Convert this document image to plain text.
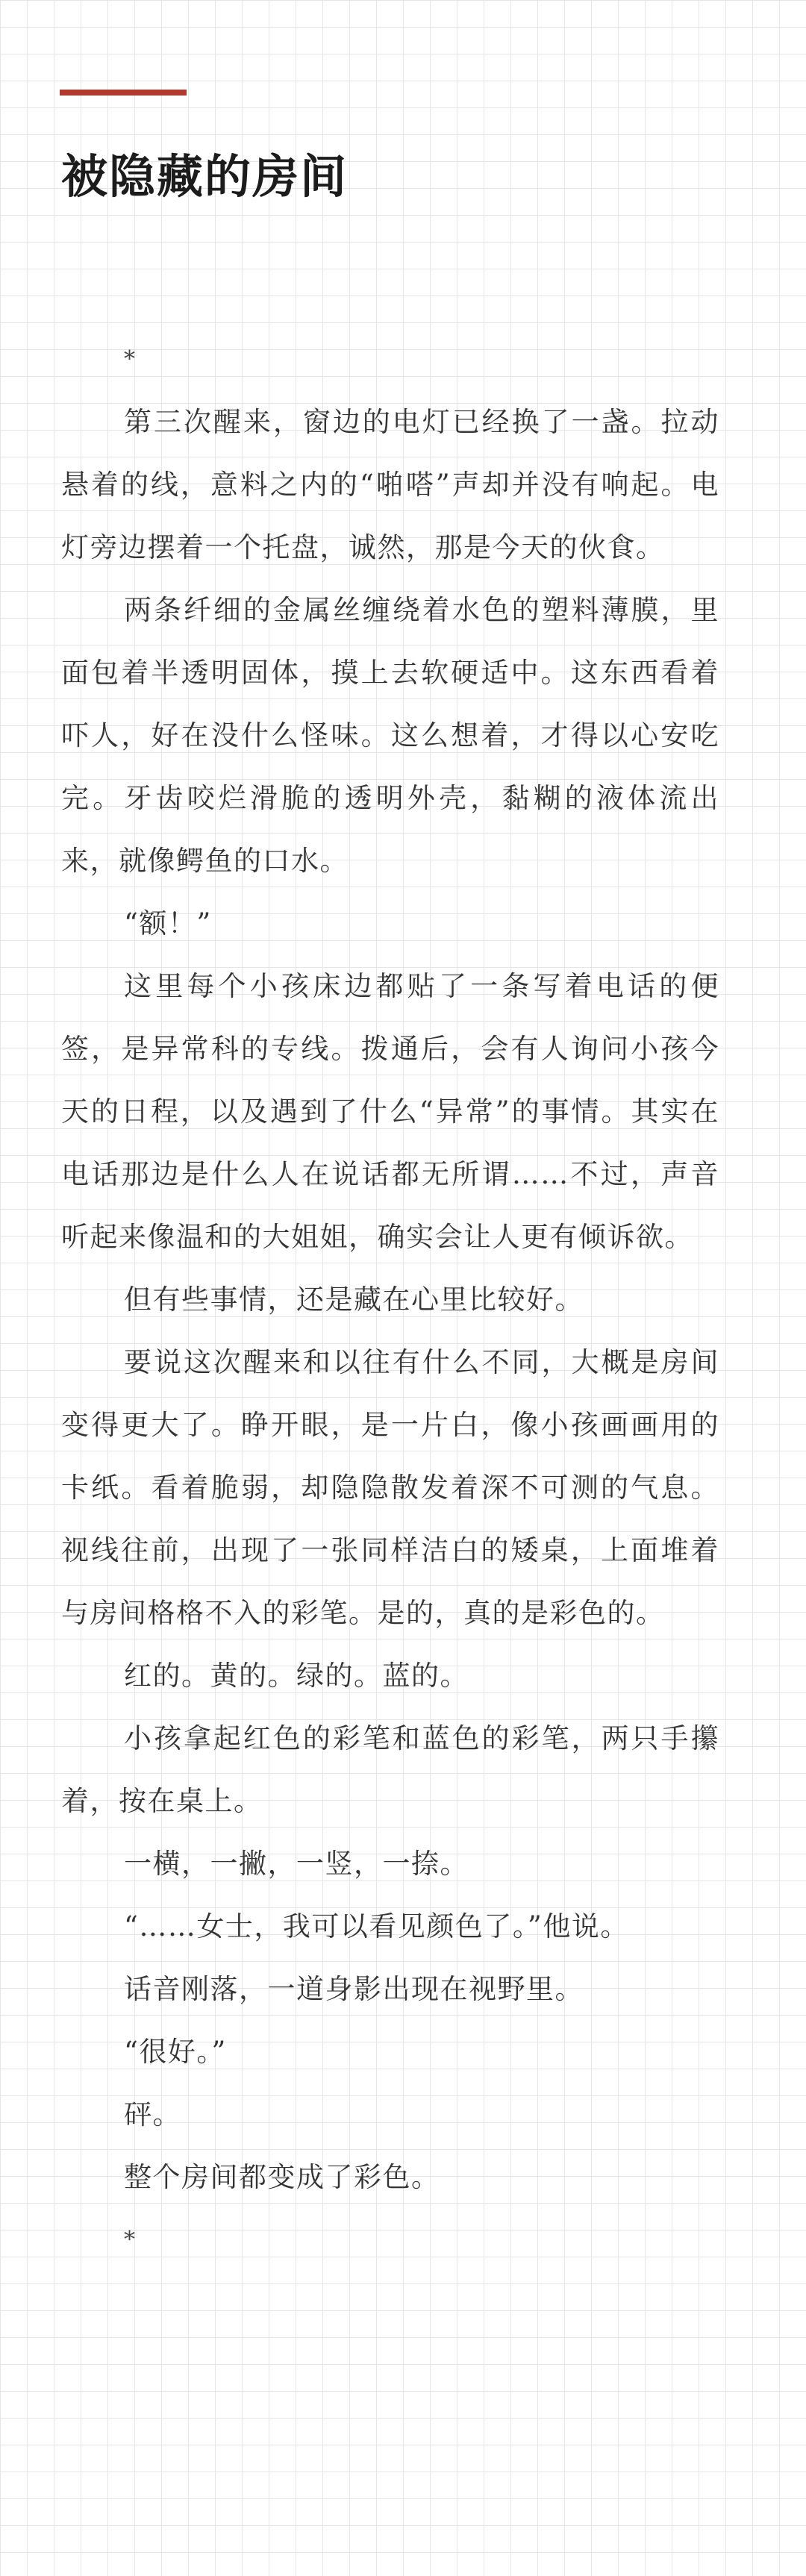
被隐藏的房间

*

第三次醒来，窗边的电灯已经换了一盏。拉动悬着的线，意料之内的“啪嗒”声却并没有响起。电灯旁边摆着一个托盘，诚然，那是今天的伙食。

两条纤细的金属丝缠绕着水色的塑料薄膜，里面包着半透明固体，摸上去软硬适中。这东西看着吓人，好在没什么怪味。这么想着，才得以心安吃完。牙齿咬烂滑脆的透明外壳，黏糊的液体流出来，就像鳄鱼的口水。

“额！”

这里每个小孩床边都贴了一条写着电话的便签，是异常科的专线。拨通后，会有人询问小孩今天的日程，以及遇到了什么“异常”的事情。其实在电话那边是什么人在说话都无所谓……不过，声音听起来像温和的大姐姐，确实会让人更有倾诉欲。

但有些事情，还是藏在心里比较好。

要说这次醒来和以往有什么不同，大概是房间变得更大了。睁开眼，是一片白，像小孩画画用的卡纸。看着脆弱，却隐隐散发着深不可测的气息。视线往前，出现了一张同样洁白的矮桌，上面堆着与房间格格不入的彩笔。是的，真的是彩色的。

红的。黄的。绿的。蓝的。

小孩拿起红色的彩笔和蓝色的彩笔，两只手攥着，按在桌上。

一横，一撇，一竖，一捺。

“……女士，我可以看见颜色了。”他说。

话音刚落，一道身影出现在视野里。

“很好。”

砰。

整个房间都变成了彩色。

*
